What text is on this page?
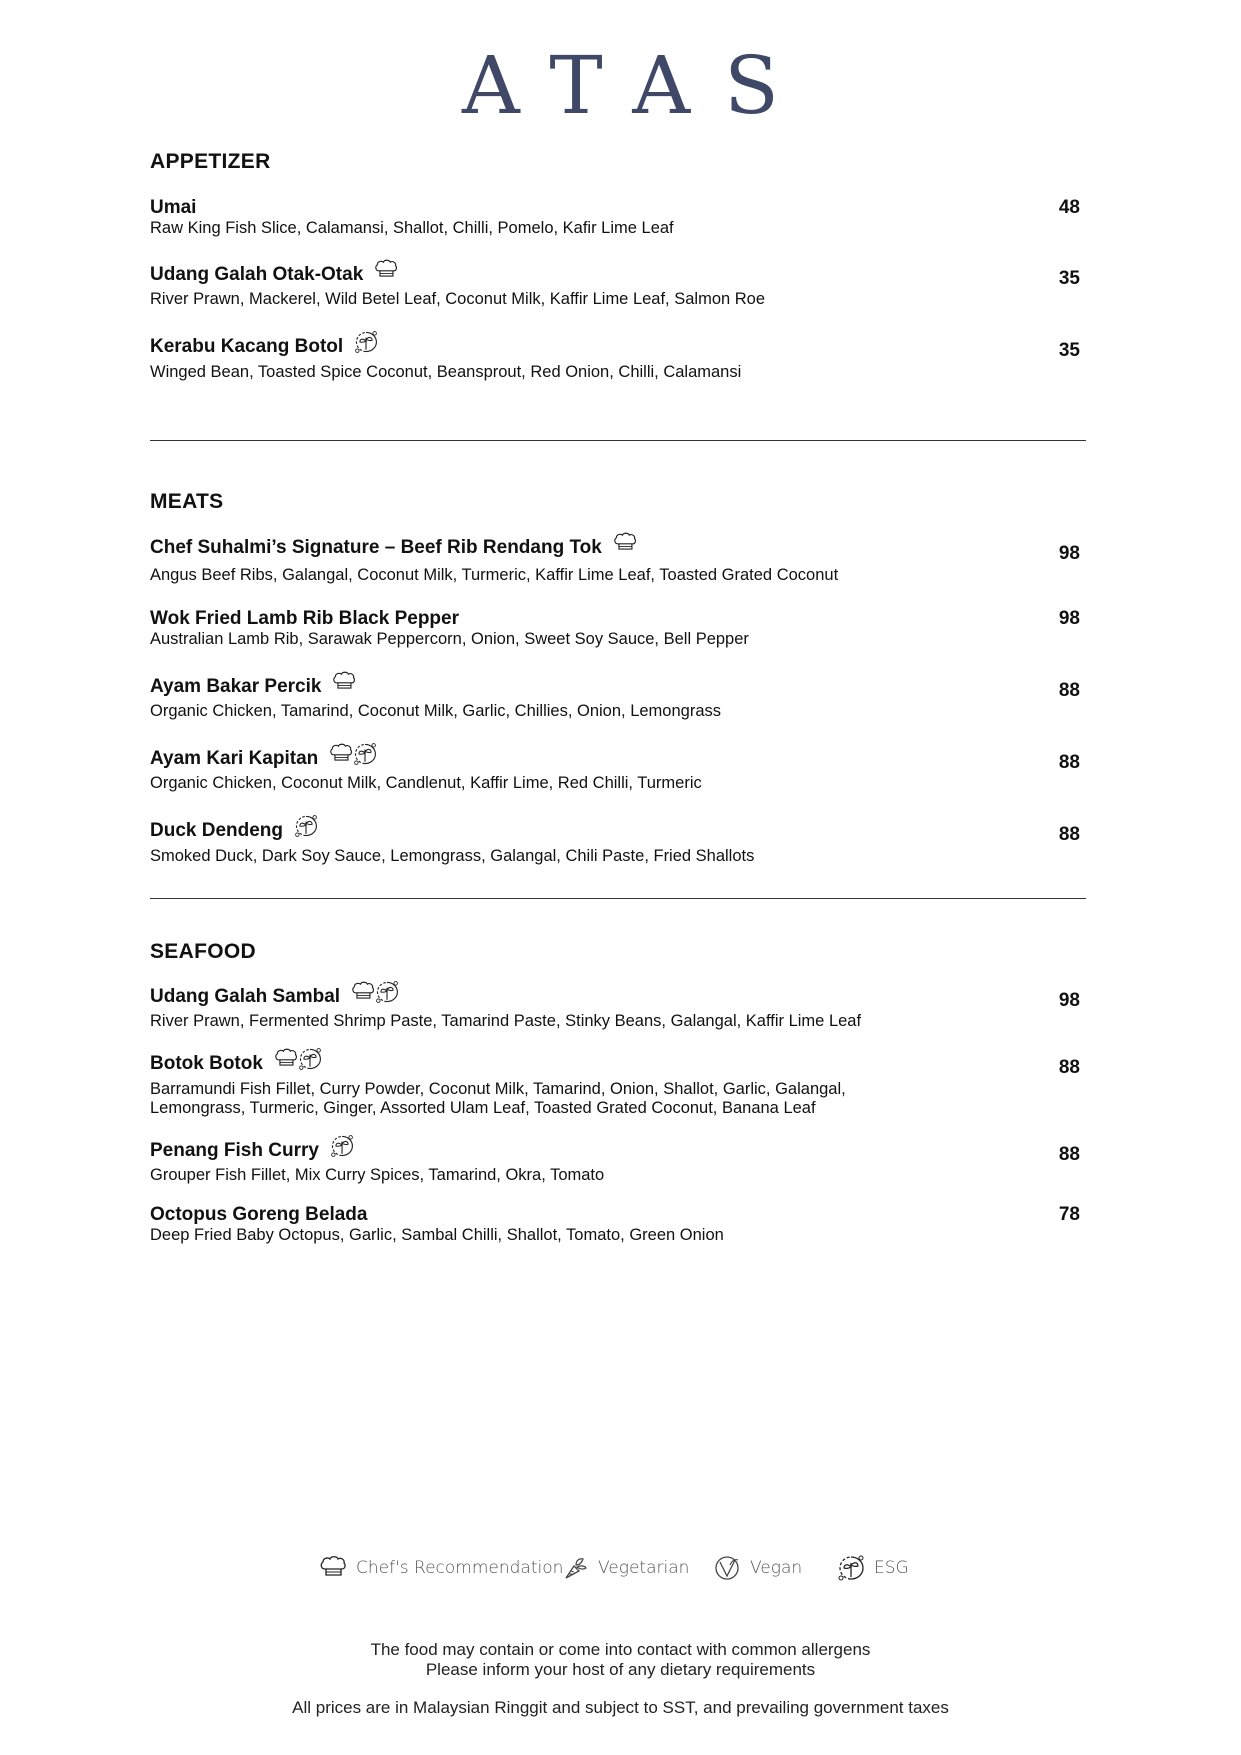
ATAS
APPETIZER
Umai	48
Raw King Fish Slice, Calamansi, Shallot, Chilli, Pomelo, Kafir Lime Leaf
Udang Galah Otak-Otak	35
River Prawn, Mackerel, Wild Betel Leaf, Coconut Milk, Kaffir Lime Leaf, Salmon Roe
Kerabu Kacang Botol	35
Winged Bean, Toasted Spice Coconut, Beansprout, Red Onion, Chilli, Calamansi
MEATS
Chef Suhalmi’s Signature – Beef Rib Rendang Tok	98
Angus Beef Ribs, Galangal, Coconut Milk, Turmeric, Kaffir Lime Leaf, Toasted Grated Coconut
Wok Fried Lamb Rib Black Pepper	98
Australian Lamb Rib, Sarawak Peppercorn, Onion, Sweet Soy Sauce, Bell Pepper
Ayam Bakar Percik	88
Organic Chicken, Tamarind, Coconut Milk, Garlic, Chillies, Onion, Lemongrass
Ayam Kari Kapitan	88
Organic Chicken, Coconut Milk, Candlenut, Kaffir Lime, Red Chilli, Turmeric
Duck Dendeng	88
Smoked Duck, Dark Soy Sauce, Lemongrass, Galangal, Chili Paste, Fried Shallots
SEAFOOD
Udang Galah Sambal	98
River Prawn, Fermented Shrimp Paste, Tamarind Paste, Stinky Beans, Galangal, Kaffir Lime Leaf
Botok Botok	88
Barramundi Fish Fillet, Curry Powder, Coconut Milk, Tamarind, Onion, Shallot, Garlic, Galangal,
Lemongrass, Turmeric, Ginger, Assorted Ulam Leaf, Toasted Grated Coconut, Banana Leaf
Penang Fish Curry	88
Grouper Fish Fillet, Mix Curry Spices, Tamarind, Okra, Tomato
Octopus Goreng Belada	78
Deep Fried Baby Octopus, Garlic, Sambal Chilli, Shallot, Tomato, Green Onion
Chef's Recommendation Vegetarian	Vegan	ESG
The food may contain or come into contact with common allergens
Please inform your host of any dietary requirements
All prices are in Malaysian Ringgit and subject to SST, and prevailing government taxes
